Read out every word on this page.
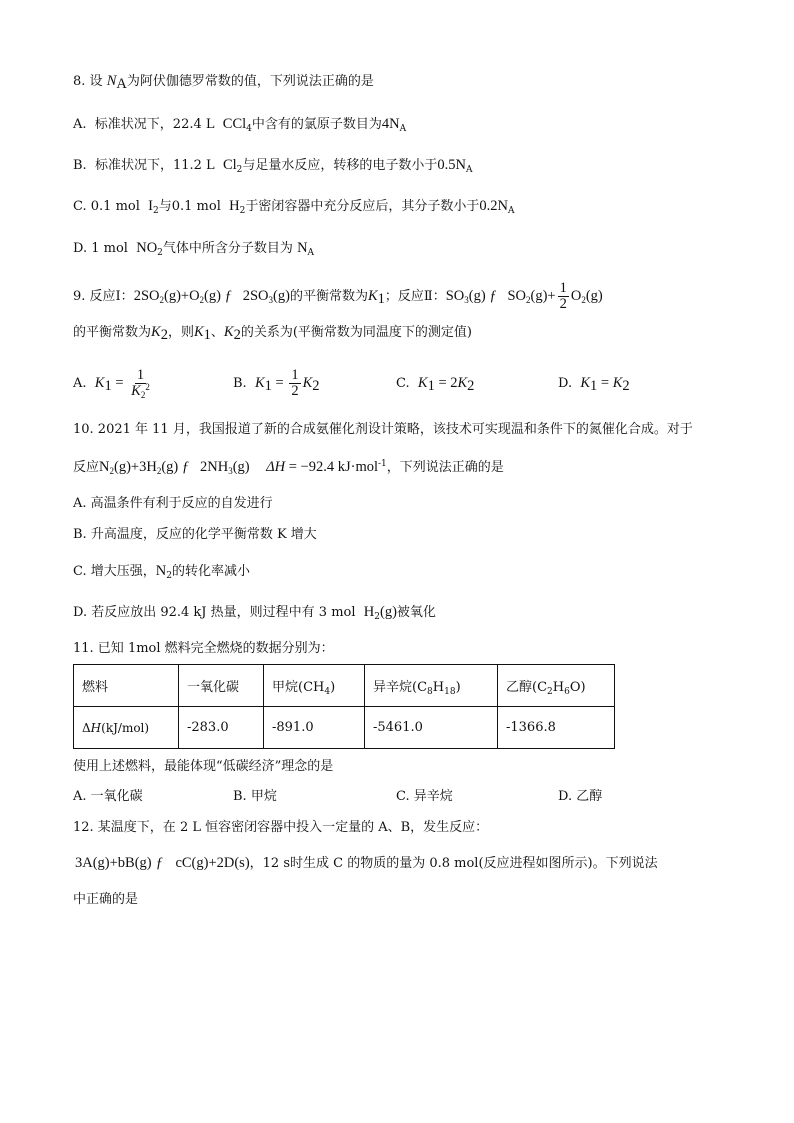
8. 设 $N_A$为阿伏伽德罗常数的值，下列说法正确的是
A. 标准状况下，22.4 L CCl$_4$中含有的氯原子数目为$4N_A$
B. 标准状况下，11.2 L $Cl_2$与足量水反应，转移的电子数小于$0.5N_A$
C. 0.1 mol $I_2$与0.1 mol $H_2$于密闭容器中充分反应后，其分子数小于$0.2N_A$
D. 1 mol $NO_2$气体中所含分子数目为 $N_A$
9. 反应Ⅰ：$2SO_2(g)+O_2(g)$ ƒ $2SO_3(g)$的平衡常数为$K_1$；反应Ⅱ：$SO_3(g)$ ƒ $SO_2(g)+ \frac{1}{2} O_2(g)$
的平衡常数为$K_2$，则$K_1$、$K_2$的关系为(平衡常数为同温度下的测定值)
A. $K_1 = \frac{1}{K_2^2}$	B. $K_1 = \frac{1}{2} K_2$	C. $K_1 = 2K_2$	D. $K_1 = K_2$
10. 2021 年 11 月，我国报道了新的合成氨催化剂设计策略，该技术可实现温和条件下的氮催化合成。对于
反应$N_2(g)+3H_2(g)$ ƒ $2NH_3(g) \Delta H = -92.4$ kJ·mol$^{-1}$，下列说法正确的是
A. 高温条件有利于反应的自发进行
B. 升高温度，反应的化学平衡常数 K 增大
C. 增大压强，$N_2$的转化率减小
D. 若反应放出 92.4 kJ 热量，则过程中有 3 mol $H_2(g)$被氧化
11. 已知 1mol 燃料完全燃烧的数据分别为：
燃料	一氧化碳	甲烷$(CH_4)$	异辛烷$(C_8H_{18})$	乙醇$(C_2H_6O)$
ΔH(kJ/mol)	-283.0	-891.0	-5461.0	-1366.8
使用上述燃料，最能体现“低碳经济”理念的是
A. 一氧化碳	B. 甲烷	C. 异辛烷	D. 乙醇
12. 某温度下，在 2 L 恒容密闭容器中投入一定量的 A、B，发生反应：
3A(g)+bB(g) ƒ cC(g)+2D(s)，12 s时生成 C 的物质的量为 0.8 mol(反应进程如图所示)。下列说法
中正确的是
